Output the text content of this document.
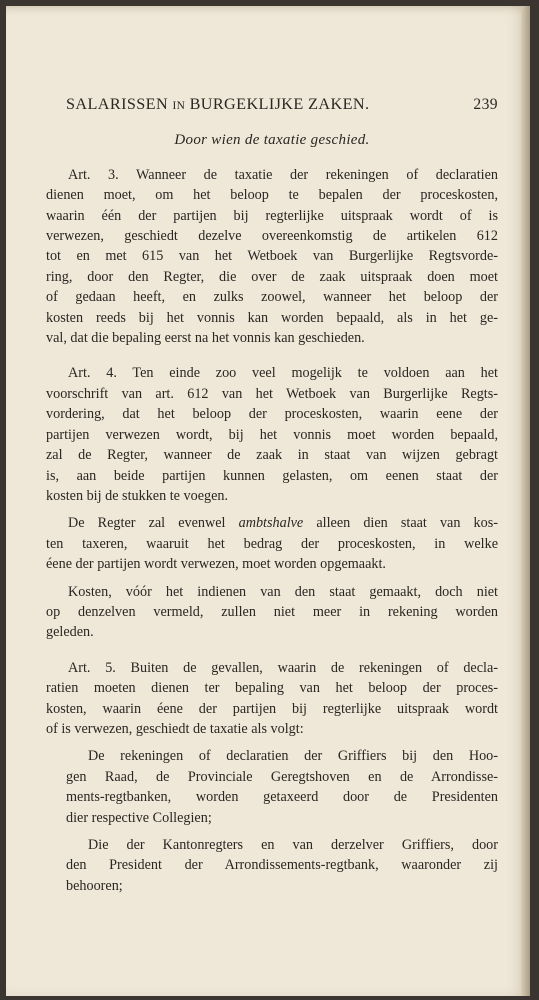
SALARISSEN IN BURGEKLIJKE ZAKEN.	239
Door wien de taxatie geschied.
Art. 3. Wanneer de taxatie der rekeningen of declaratien
dienen moet, om het beloop te bepalen der proceskosten,
waarin één der partijen bij regterlijke uitspraak wordt of is
verwezen, geschiedt dezelve overeenkomstig de artikelen 612
tot en met 615 van het Wetboek van Burgerlijke Regtsvorde-
ring, door den Regter, die over de zaak uitspraak doen moet
of gedaan heeft, en zulks zoowel, wanneer het beloop der
kosten reeds bij het vonnis kan worden bepaald, als in het ge-
val, dat die bepaling eerst na het vonnis kan geschieden.
Art. 4. Ten einde zoo veel mogelijk te voldoen aan het
voorschrift van art. 612 van het Wetboek van Burgerlijke Regts-
vordering, dat het beloop der proceskosten, waarin eene der
partijen verwezen wordt, bij het vonnis moet worden bepaald,
zal de Regter, wanneer de zaak in staat van wijzen gebragt
is, aan beide partijen kunnen gelasten, om eenen staat der
kosten bij de stukken te voegen.
De Regter zal evenwel ambtshalve alleen dien staat van kos-
ten taxeren, waaruit het bedrag der proceskosten, in welke
éene der partijen wordt verwezen, moet worden opgemaakt.
Kosten, vóór het indienen van den staat gemaakt, doch niet
op denzelven vermeld, zullen niet meer in rekening worden
geleden.
Art. 5. Buiten de gevallen, waarin de rekeningen of decla-
ratien moeten dienen ter bepaling van het beloop der proces-
kosten, waarin éene der partijen bij regterlijke uitspraak wordt
of is verwezen, geschiedt de taxatie als volgt:
De rekeningen of declaratien der Griffiers bij den Hoo-
gen Raad, de Provinciale Geregtshoven en de Arrondisse-
ments-regtbanken, worden getaxeerd door de Presidenten
dier respective Collegien;
Die der Kantonregters en van derzelver Griffiers, door
den President der Arrondissements-regtbank, waaronder zij
behooren;
